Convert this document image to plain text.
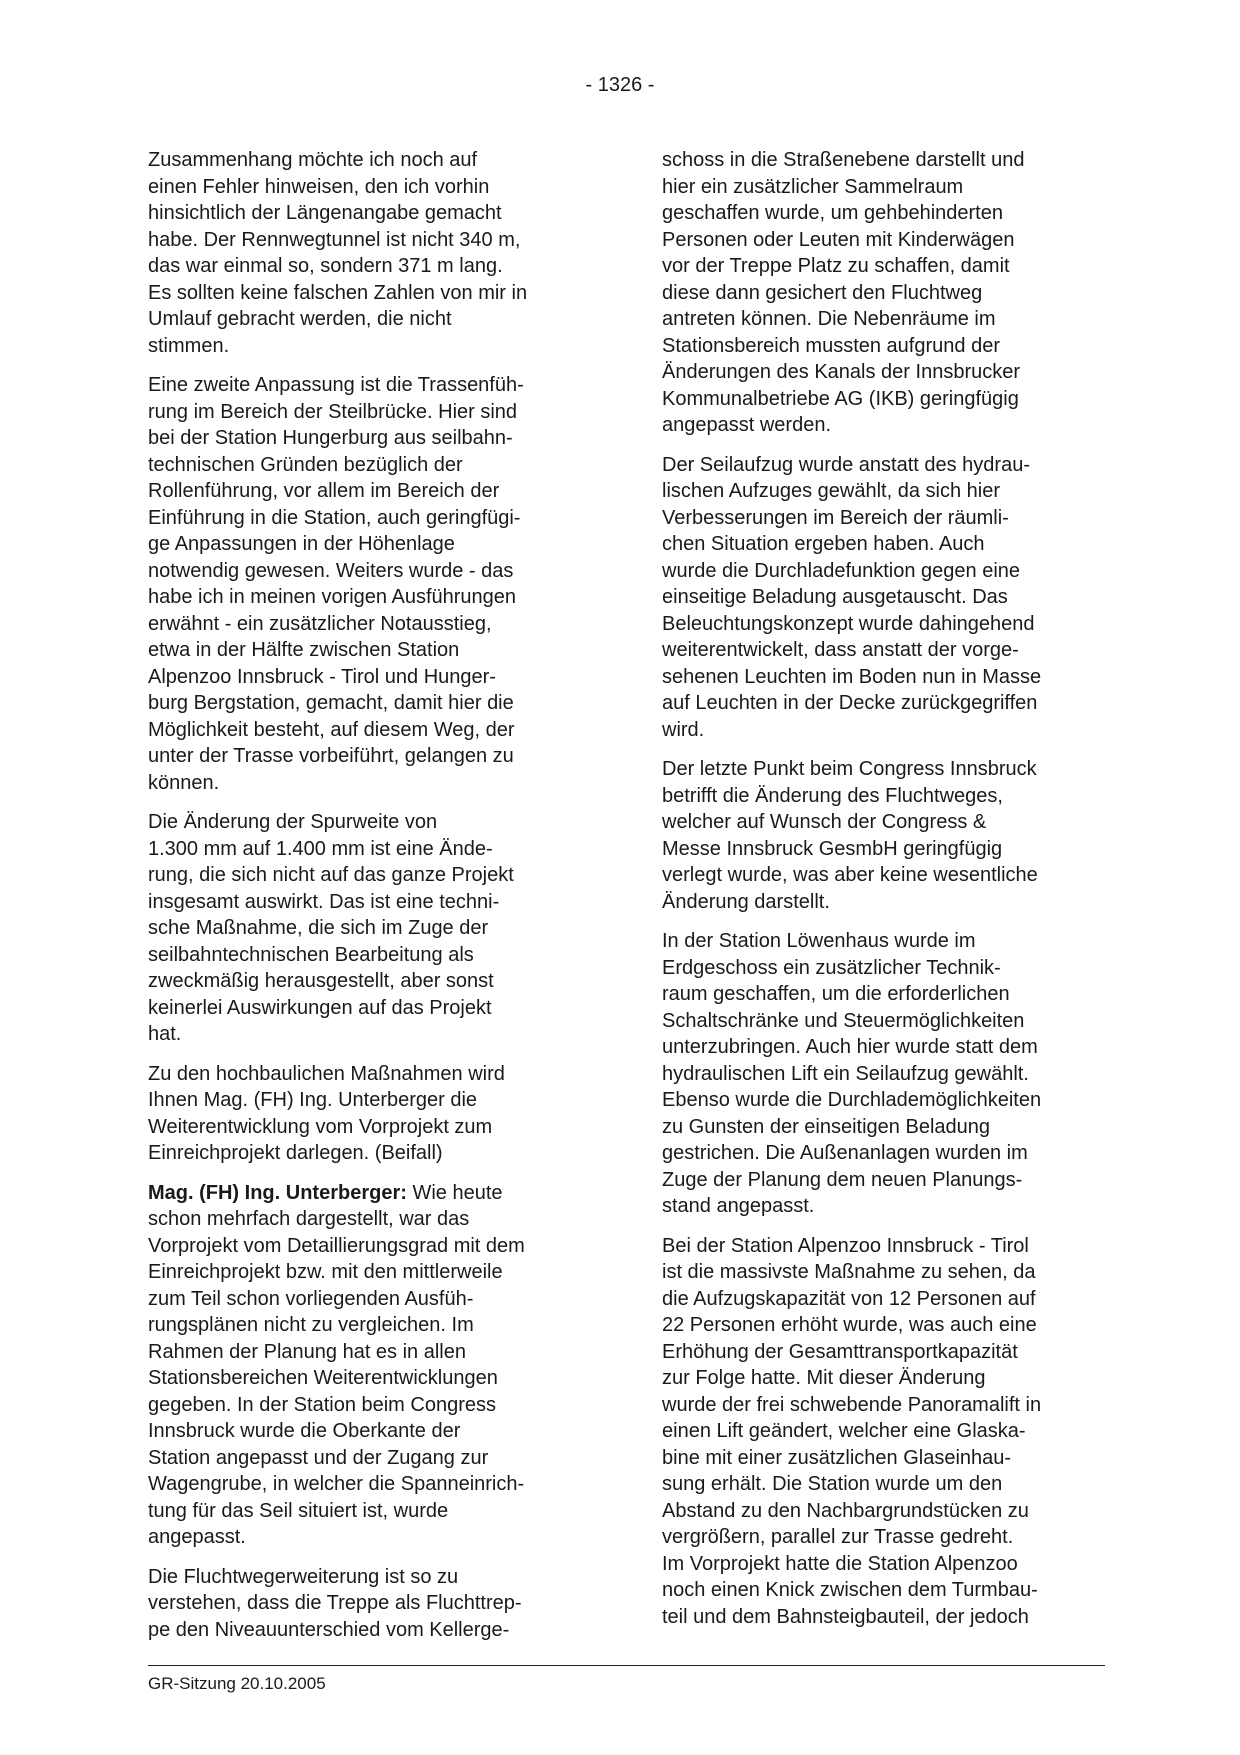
- 1326 -

Zusammenhang möchte ich noch auf
einen Fehler hinweisen, den ich vorhin
hinsichtlich der Längenangabe gemacht
habe. Der Rennwegtunnel ist nicht 340 m,
das war einmal so, sondern 371 m lang.
Es sollten keine falschen Zahlen von mir in
Umlauf gebracht werden, die nicht
stimmen.

Eine zweite Anpassung ist die Trassenfüh-
rung im Bereich der Steilbrücke. Hier sind
bei der Station Hungerburg aus seilbahn-
technischen Gründen bezüglich der
Rollenführung, vor allem im Bereich der
Einführung in die Station, auch geringfügi-
ge Anpassungen in der Höhenlage
notwendig gewesen. Weiters wurde - das
habe ich in meinen vorigen Ausführungen
erwähnt - ein zusätzlicher Notausstieg,
etwa in der Hälfte zwischen Station
Alpenzoo Innsbruck - Tirol und Hunger-
burg Bergstation, gemacht, damit hier die
Möglichkeit besteht, auf diesem Weg, der
unter der Trasse vorbeiführt, gelangen zu
können.

Die Änderung der Spurweite von
1.300 mm auf 1.400 mm ist eine Ände-
rung, die sich nicht auf das ganze Projekt
insgesamt auswirkt. Das ist eine techni-
sche Maßnahme, die sich im Zuge der
seilbahntechnischen Bearbeitung als
zweckmäßig herausgestellt, aber sonst
keinerlei Auswirkungen auf das Projekt
hat.

Zu den hochbaulichen Maßnahmen wird
Ihnen Mag. (FH) Ing. Unterberger die
Weiterentwicklung vom Vorprojekt zum
Einreichprojekt darlegen. (Beifall)

Mag. (FH) Ing. Unterberger: Wie heute
schon mehrfach dargestellt, war das
Vorprojekt vom Detaillierungsgrad mit dem
Einreichprojekt bzw. mit den mittlerweile
zum Teil schon vorliegenden Ausfüh-
rungsplänen nicht zu vergleichen. Im
Rahmen der Planung hat es in allen
Stationsbereichen Weiterentwicklungen
gegeben. In der Station beim Congress
Innsbruck wurde die Oberkante der
Station angepasst und der Zugang zur
Wagengrube, in welcher die Spanneinrich-
tung für das Seil situiert ist, wurde
angepasst.

Die Fluchtwegerweiterung ist so zu
verstehen, dass die Treppe als Fluchttrep-
pe den Niveauunterschied vom Kellerge-

schoss in die Straßenebene darstellt und
hier ein zusätzlicher Sammelraum
geschaffen wurde, um gehbehinderten
Personen oder Leuten mit Kinderwägen
vor der Treppe Platz zu schaffen, damit
diese dann gesichert den Fluchtweg
antreten können. Die Nebenräume im
Stationsbereich mussten aufgrund der
Änderungen des Kanals der Innsbrucker
Kommunalbetriebe AG (IKB) geringfügig
angepasst werden.

Der Seilaufzug wurde anstatt des hydrau-
lischen Aufzuges gewählt, da sich hier
Verbesserungen im Bereich der räumli-
chen Situation ergeben haben. Auch
wurde die Durchladefunktion gegen eine
einseitige Beladung ausgetauscht. Das
Beleuchtungskonzept wurde dahingehend
weiterentwickelt, dass anstatt der vorge-
sehenen Leuchten im Boden nun in Masse
auf Leuchten in der Decke zurückgegriffen
wird.

Der letzte Punkt beim Congress Innsbruck
betrifft die Änderung des Fluchtweges,
welcher auf Wunsch der Congress &
Messe Innsbruck GesmbH geringfügig
verlegt wurde, was aber keine wesentliche
Änderung darstellt.

In der Station Löwenhaus wurde im
Erdgeschoss ein zusätzlicher Technik-
raum geschaffen, um die erforderlichen
Schaltschränke und Steuermöglichkeiten
unterzubringen. Auch hier wurde statt dem
hydraulischen Lift ein Seilaufzug gewählt.
Ebenso wurde die Durchlademöglichkeiten
zu Gunsten der einseitigen Beladung
gestrichen. Die Außenanlagen wurden im
Zuge der Planung dem neuen Planungs-
stand angepasst.

Bei der Station Alpenzoo Innsbruck - Tirol
ist die massivste Maßnahme zu sehen, da
die Aufzugskapazität von 12 Personen auf
22 Personen erhöht wurde, was auch eine
Erhöhung der Gesamttransportkapazität
zur Folge hatte. Mit dieser Änderung
wurde der frei schwebende Panoramalift in
einen Lift geändert, welcher eine Glaska-
bine mit einer zusätzlichen Glaseinhau-
sung erhält. Die Station wurde um den
Abstand zu den Nachbargrundstücken zu
vergrößern, parallel zur Trasse gedreht.
Im Vorprojekt hatte die Station Alpenzoo
noch einen Knick zwischen dem Turmbau-
teil und dem Bahnsteigbauteil, der jedoch

GR-Sitzung 20.10.2005
